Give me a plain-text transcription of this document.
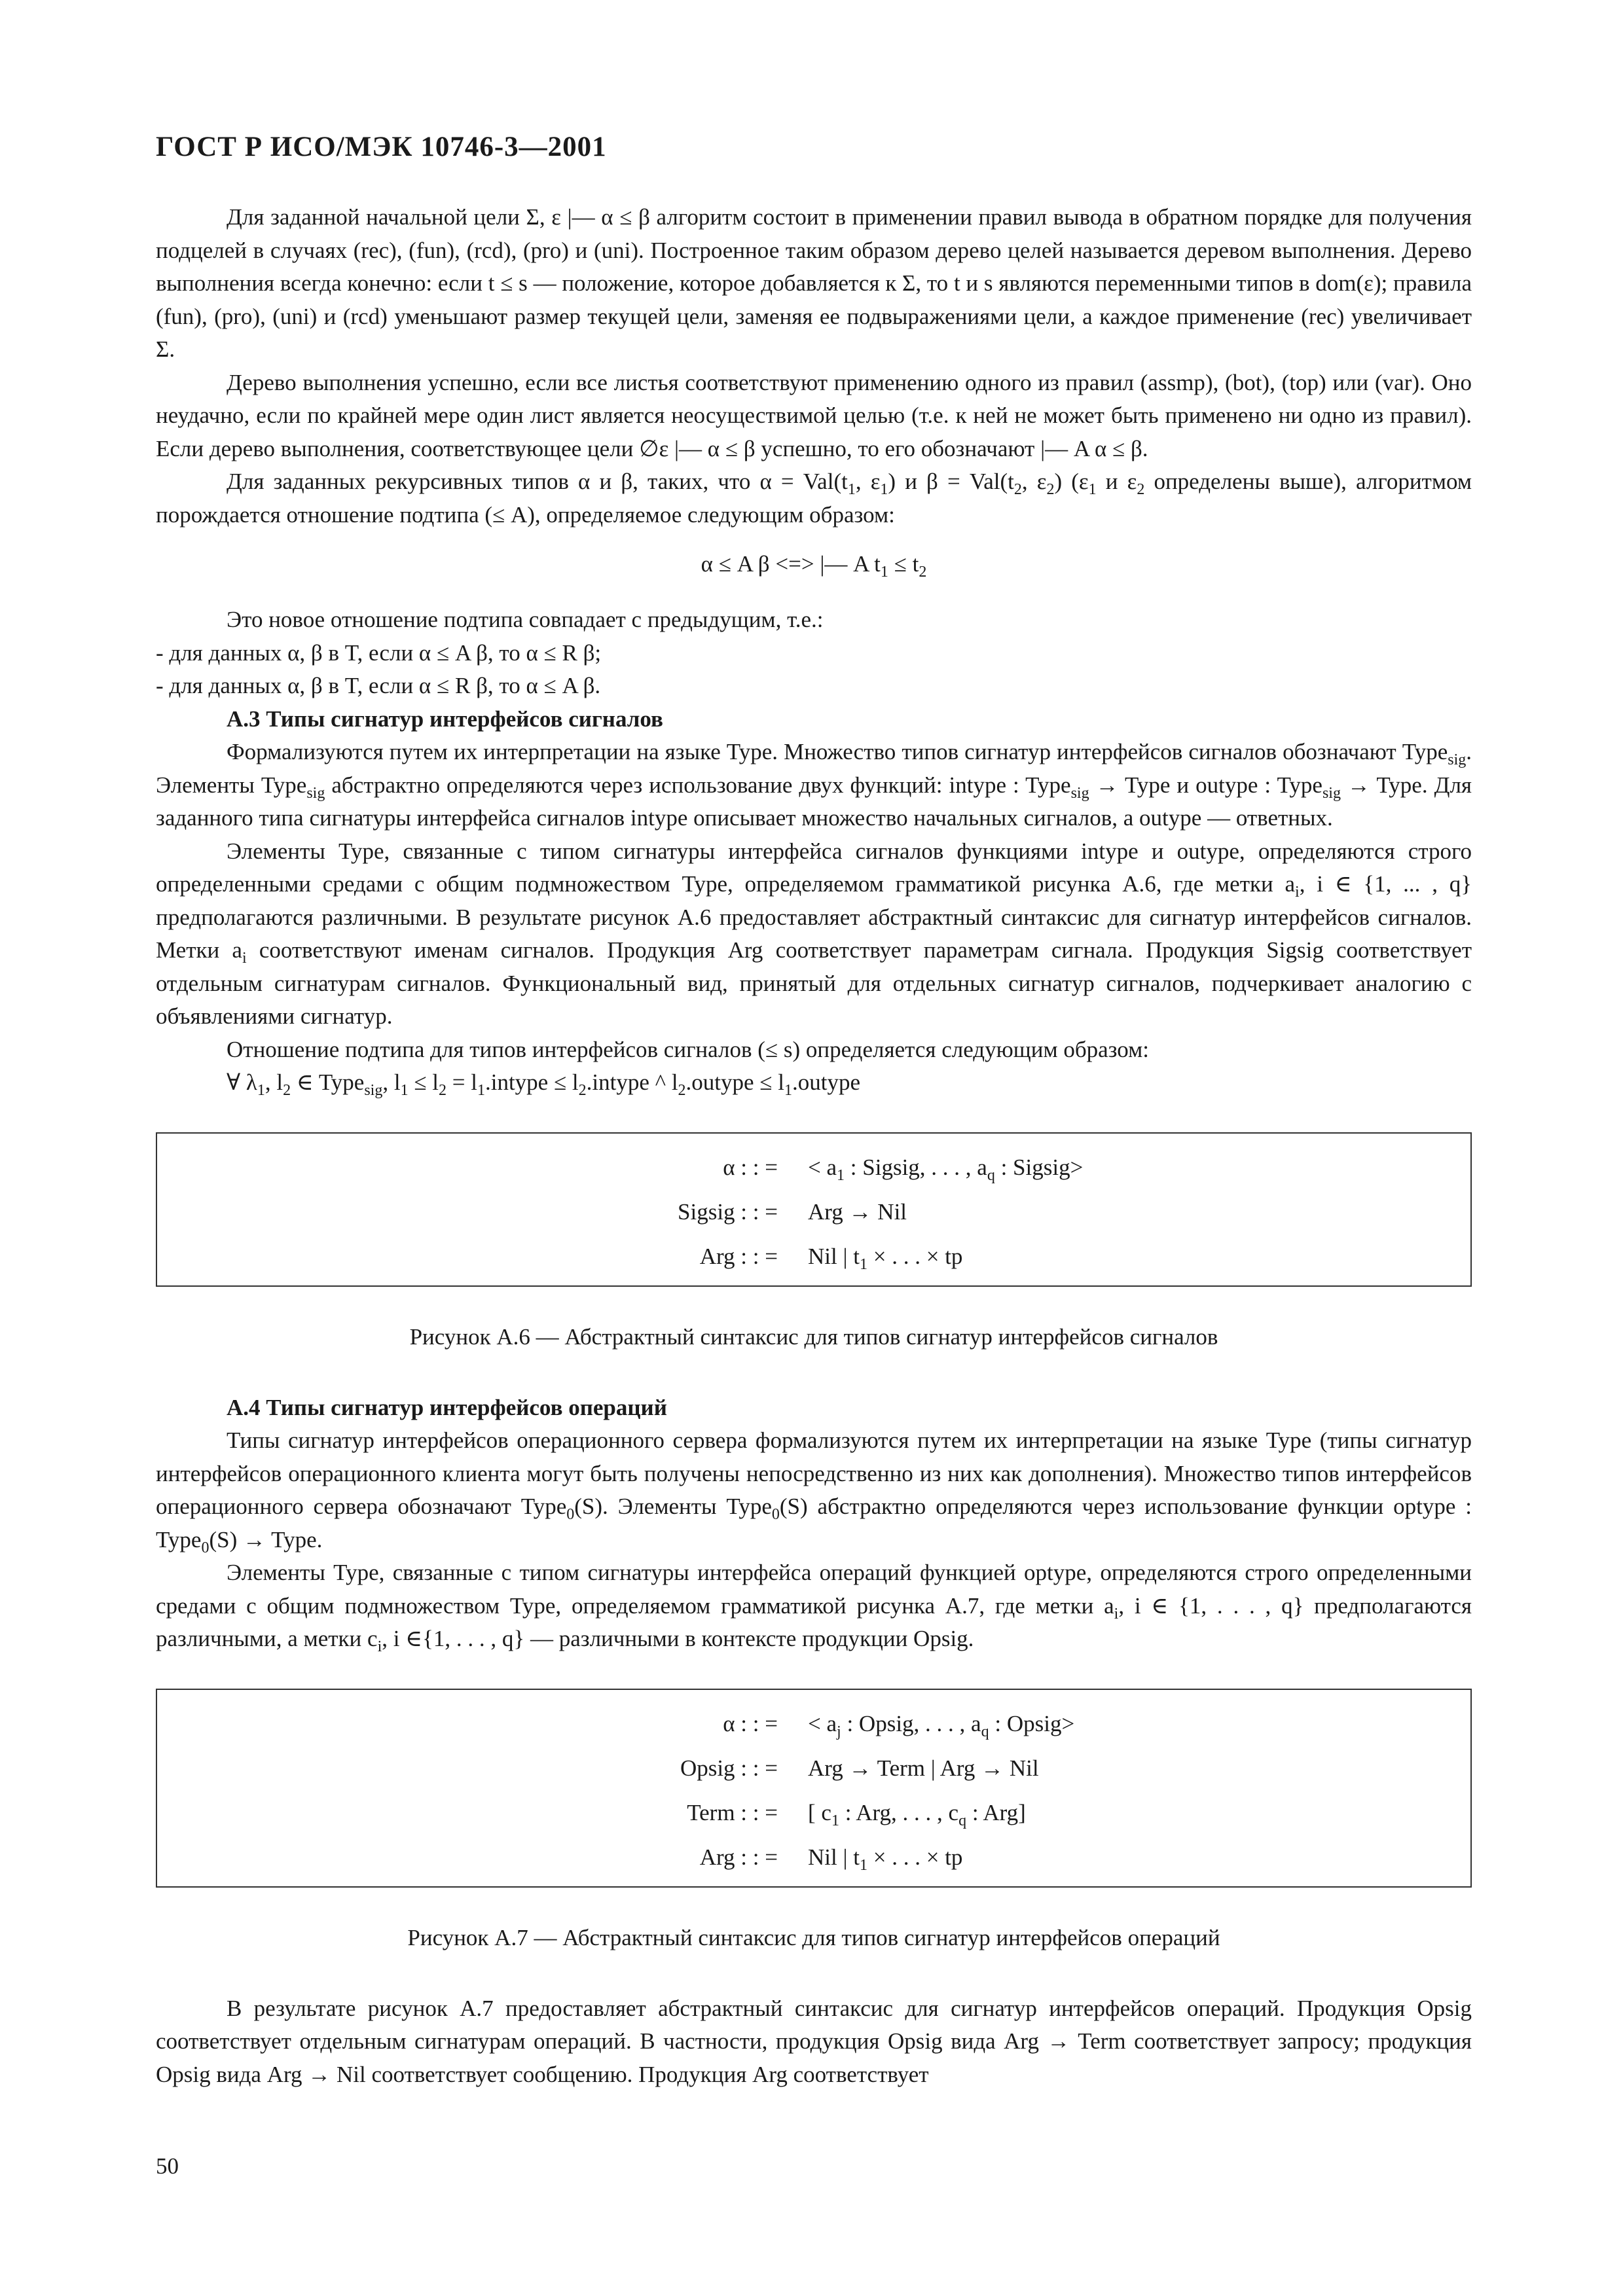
ГОСТ Р ИСО/МЭК 10746-3—2001

Для заданной начальной цели Σ, ε |— α ≤ β алгоритм состоит в применении правил вывода в обратном порядке для получения подцелей в случаях (rec), (fun), (rcd), (pro) и (uni). Построенное таким образом дерево целей называется деревом выполнения. Дерево выполнения всегда конечно: если t ≤ s — положение, которое добавляется к Σ, то t и s являются переменными типов в dom(ε); правила (fun), (pro), (uni) и (rcd) уменьшают размер текущей цели, заменяя ее подвыражениями цели, а каждое применение (rec) увеличивает Σ.

Дерево выполнения успешно, если все листья соответствуют применению одного из правил (assmp), (bot), (top) или (var). Оно неудачно, если по крайней мере один лист является неосуществимой целью (т.е. к ней не может быть применено ни одно из правил). Если дерево выполнения, соответствующее цели ∅ε |— α ≤ β успешно, то его обозначают |— A α ≤ β.

Для заданных рекурсивных типов α и β, таких, что $\alpha = Val(t_1$, $\varepsilon_1$) и $\beta = Val(t_2$, $\varepsilon_2$) ($\varepsilon_1$ и $\varepsilon_2$ определены выше), алгоритмом порождается отношение подтипа (≤ A), определяемое следующим образом:

α ≤ A β <=> |— A $t_1 \le t_2$

Это новое отношение подтипа совпадает с предыдущим, т.е.:

- для данных α, β в T, если α ≤ A β, то α ≤ R β;
- для данных α, β в T, если α ≤ R β, то α ≤ A β.
А.3 Типы сигнатур интерфейсов сигналов

Формализуются путем их интерпретации на языке Type. Множество типов сигнатур интерфейсов сигналов обозначают Type$_{sig}$. Элементы Type$_{sig}$ абстрактно определяются через использование двух функций: intype : Type$_{sig}$ → Type и outype : Type$_{sig}$ → Type. Для заданного типа сигнатуры интерфейса сигналов intype описывает множество начальных сигналов, а outype — ответных.

Элементы Type, связанные с типом сигнатуры интерфейса сигналов функциями intype и outype, определяются строго определенными средами с общим подмножеством Type, определяемом грамматикой рисунка А.6, где метки $a_i$, i ∈ {1, ... , q} предполагаются различными. В результате рисунок А.6 предоставляет абстрактный синтаксис для сигнатур интерфейсов сигналов. Метки $a_i$ соответствуют именам сигналов. Продукция Arg соответствует параметрам сигнала. Продукция Sigsig соответствует отдельным сигнатурам сигналов. Функциональный вид, принятый для отдельных сигнатур сигналов, подчеркивает аналогию с объявлениями сигнатур.

Отношение подтипа для типов интерфейсов сигналов (≤ s) определяется следующим образом:

∀ $\lambda_1$, $l_2$ ∈ Type$_{sig}$, $l_1 \le l_2$ = $l_1.intype$ ≤ $l_2.intype$ ^ $l_2.outype$ ≤ $l_1.outype$

α : : =	< $a_1$ : Sigsig, . . . , $a_q$ : Sigsig>
Sigsig : : =	Arg → Nil
Arg : : =	Nil | $t_1$ × . . . × tp
Рисунок А.6 — Абстрактный синтаксис для типов сигнатур интерфейсов сигналов
А.4 Типы сигнатур интерфейсов операций

Типы сигнатур интерфейсов операционного сервера формализуются путем их интерпретации на языке Type (типы сигнатур интерфейсов операционного клиента могут быть получены непосредственно из них как дополнения). Множество типов интерфейсов операционного сервера обозначают Type$_0$(S). Элементы Type$_0$(S) абстрактно определяются через использование функции optype : Type$_0$(S) → Type.

Элементы Type, связанные с типом сигнатуры интерфейса операций функцией optype, определяются строго определенными средами с общим подмножеством Type, определяемом грамматикой рисунка А.7, где метки $a_i$, i ∈ {1, . . . , q} предполагаются различными, а метки $c_i$, i ∈{1, . . . , q} — различными в контексте продукции Opsig.

α : : =	< $a_j$ : Opsig, . . . , $a_q$ : Opsig>
Opsig : : =	Arg → Term | Arg → Nil
Term : : =	[ $c_1$ : Arg, . . . , $c_q$ : Arg]
Arg : : =	Nil | $t_1$ × . . . × tp
Рисунок А.7 — Абстрактный синтаксис для типов сигнатур интерфейсов операций

В результате рисунок А.7 предоставляет абстрактный синтаксис для сигнатур интерфейсов операций. Продукция Opsig соответствует отдельным сигнатурам операций. В частности, продукция Opsig вида Arg → Term соответствует запросу; продукция Opsig вида Arg → Nil соответствует сообщению. Продукция Arg соответствует

50
